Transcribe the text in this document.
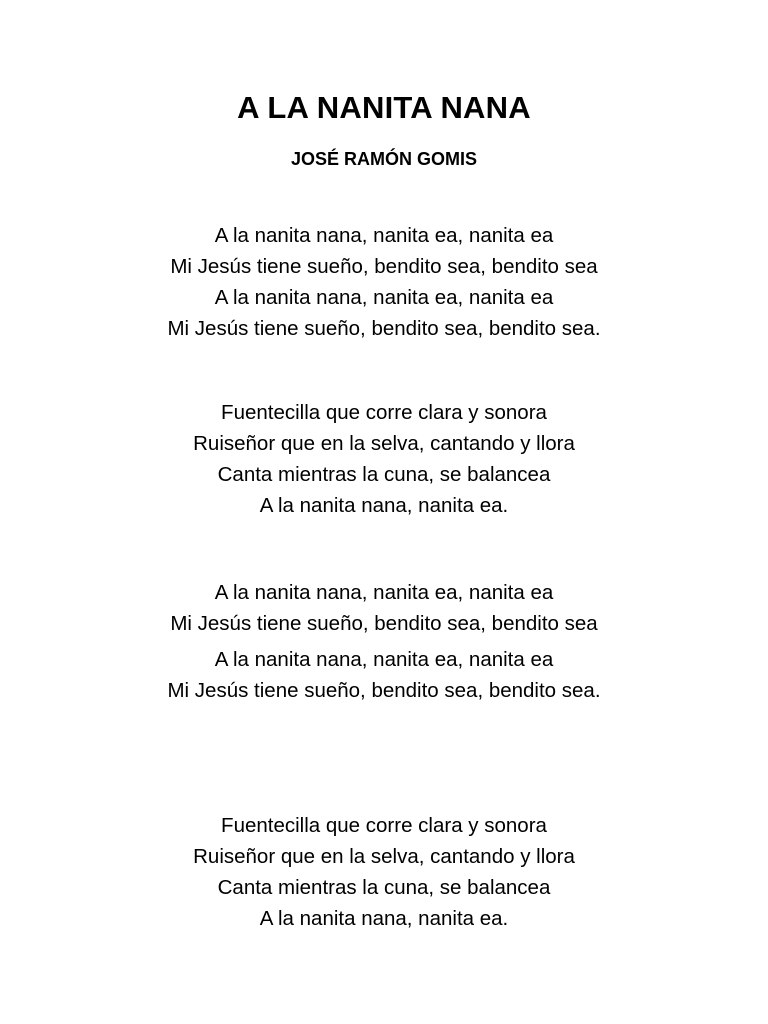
A LA NANITA NANA
JOSÉ RAMÓN GOMIS
A la nanita nana, nanita ea, nanita ea
Mi Jesús tiene sueño, bendito sea, bendito sea
A la nanita nana, nanita ea, nanita ea
Mi Jesús tiene sueño, bendito sea, bendito sea.
Fuentecilla que corre clara y sonora
Ruiseñor que en la selva, cantando y llora
Canta mientras la cuna, se balancea
A la nanita nana, nanita ea.
A la nanita nana, nanita ea, nanita ea
Mi Jesús tiene sueño, bendito sea, bendito sea
A la nanita nana, nanita ea, nanita ea
Mi Jesús tiene sueño, bendito sea, bendito sea.
Fuentecilla que corre clara y sonora
Ruiseñor que en la selva, cantando y llora
Canta mientras la cuna, se balancea
A la nanita nana, nanita ea.
